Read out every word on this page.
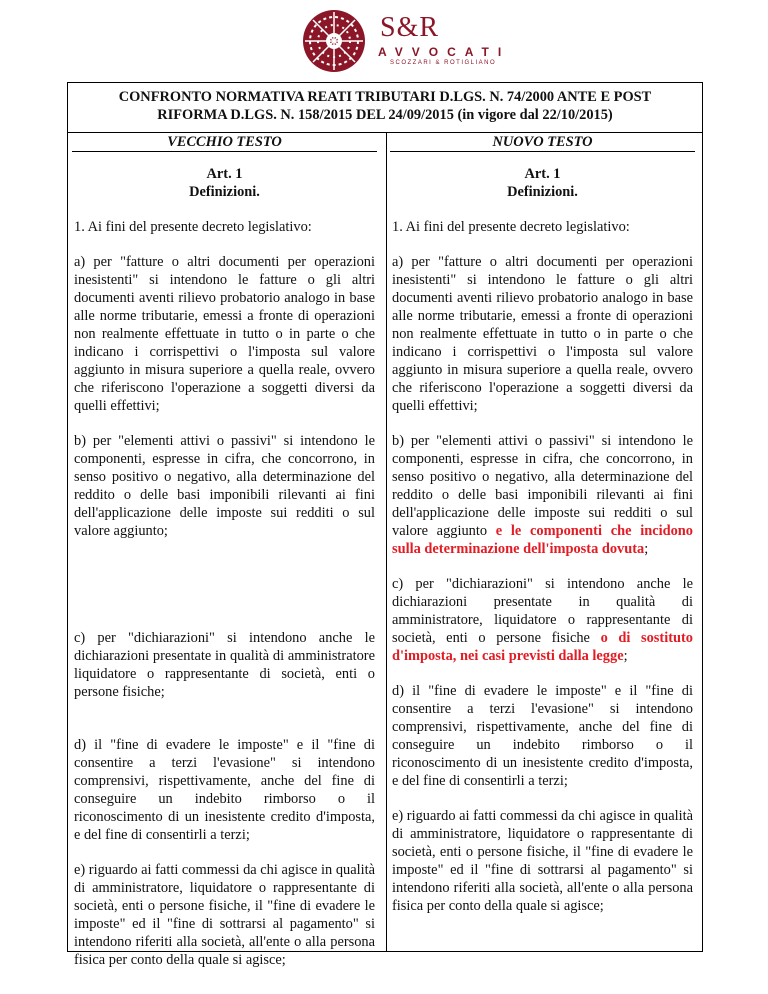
S&R
AVVOCATI
SCOZZARI & ROTIGLIANO
CONFRONTO NORMATIVA REATI TRIBUTARI D.LGS. N. 74/2000 ANTE E POST
RIFORMA D.LGS. N. 158/2015 DEL 24/09/2015 (in vigore dal 22/10/2015)
VECCHIO TESTO
Art. 1
Definizioni.

1. Ai fini del presente decreto legislativo:

a) per "fatture o altri documenti per operazioni inesistenti" si intendono le fatture o gli altri documenti aventi rilievo probatorio analogo in base alle norme tributarie, emessi a fronte di operazioni non realmente effettuate in tutto o in parte o che indicano i corrispettivi o l'imposta sul valore aggiunto in misura superiore a quella reale, ovvero che riferiscono l'operazione a soggetti diversi da quelli effettivi;

b) per "elementi attivi o passivi" si intendono le componenti, espresse in cifra, che concorrono, in senso positivo o negativo, alla determinazione del reddito o delle basi imponibili rilevanti ai fini dell'applicazione delle imposte sui redditi o sul valore aggiunto;

c) per "dichiarazioni" si intendono anche le dichiarazioni presentate in qualità di amministratore liquidatore o rappresentante di società, enti o persone fisiche;

d) il "fine di evadere le imposte" e il "fine di consentire a terzi l'evasione" si intendono comprensivi, rispettivamente, anche del fine di conseguire un indebito rimborso o il riconoscimento di un inesistente credito d'imposta, e del fine di consentirli a terzi;

e) riguardo ai fatti commessi da chi agisce in qualità di amministratore, liquidatore o rappresentante di società, enti o persone fisiche, il "fine di evadere le imposte" ed il "fine di sottrarsi al pagamento" si intendono riferiti alla società, all'ente o alla persona fisica per conto della quale si agisce;

NUOVO TESTO
Art. 1
Definizioni.

1. Ai fini del presente decreto legislativo:

a) per "fatture o altri documenti per operazioni inesistenti" si intendono le fatture o gli altri documenti aventi rilievo probatorio analogo in base alle norme tributarie, emessi a fronte di operazioni non realmente effettuate in tutto o in parte o che indicano i corrispettivi o l'imposta sul valore aggiunto in misura superiore a quella reale, ovvero che riferiscono l'operazione a soggetti diversi da quelli effettivi;

b) per "elementi attivi o passivi" si intendono le componenti, espresse in cifra, che concorrono, in senso positivo o negativo, alla determinazione del reddito o delle basi imponibili rilevanti ai fini dell'applicazione delle imposte sui redditi o sul valore aggiunto e le componenti che incidono sulla determinazione dell'imposta dovuta;

c) per "dichiarazioni" si intendono anche le dichiarazioni presentate in qualità di amministratore, liquidatore o rappresentante di società, enti o persone fisiche o di sostituto d'imposta, nei casi previsti dalla legge;

d) il "fine di evadere le imposte" e il "fine di consentire a terzi l'evasione" si intendono comprensivi, rispettivamente, anche del fine di conseguire un indebito rimborso o il riconoscimento di un inesistente credito d'imposta, e del fine di consentirli a terzi;

e) riguardo ai fatti commessi da chi agisce in qualità di amministratore, liquidatore o rappresentante di società, enti o persone fisiche, il "fine di evadere le imposte" ed il "fine di sottrarsi al pagamento" si intendono riferiti alla società, all'ente o alla persona fisica per conto della quale si agisce;
